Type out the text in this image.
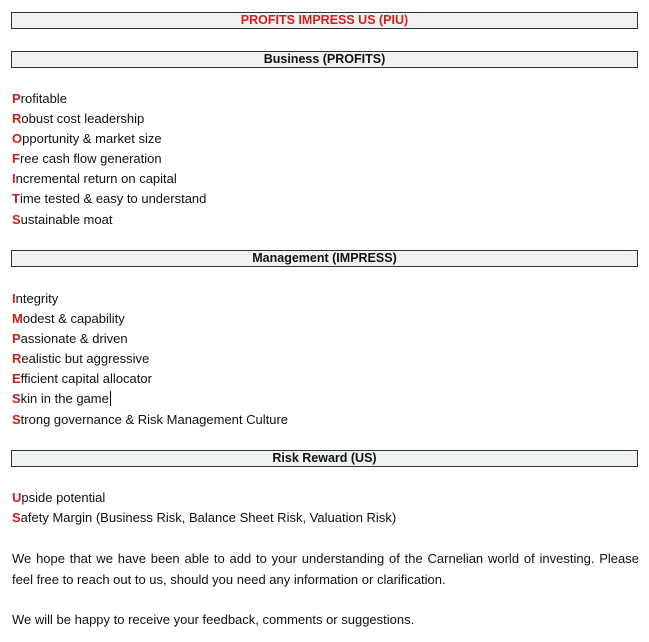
PROFITS IMPRESS US (PIU)
Business (PROFITS)
Profitable
Robust cost leadership
Opportunity & market size
Free cash flow generation
Incremental return on capital
Time tested & easy to understand
Sustainable moat
Management (IMPRESS)
Integrity
Modest & capability
Passionate & driven
Realistic but aggressive
Efficient capital allocator
Skin in the game
Strong governance & Risk Management Culture
Risk Reward (US)
Upside potential
Safety Margin (Business Risk, Balance Sheet Risk, Valuation Risk)

We hope that we have been able to add to your understanding of the Carnelian world of investing. Please feel free to reach out to us, should you need any information or clarification.

We will be happy to receive your feedback, comments or suggestions.
